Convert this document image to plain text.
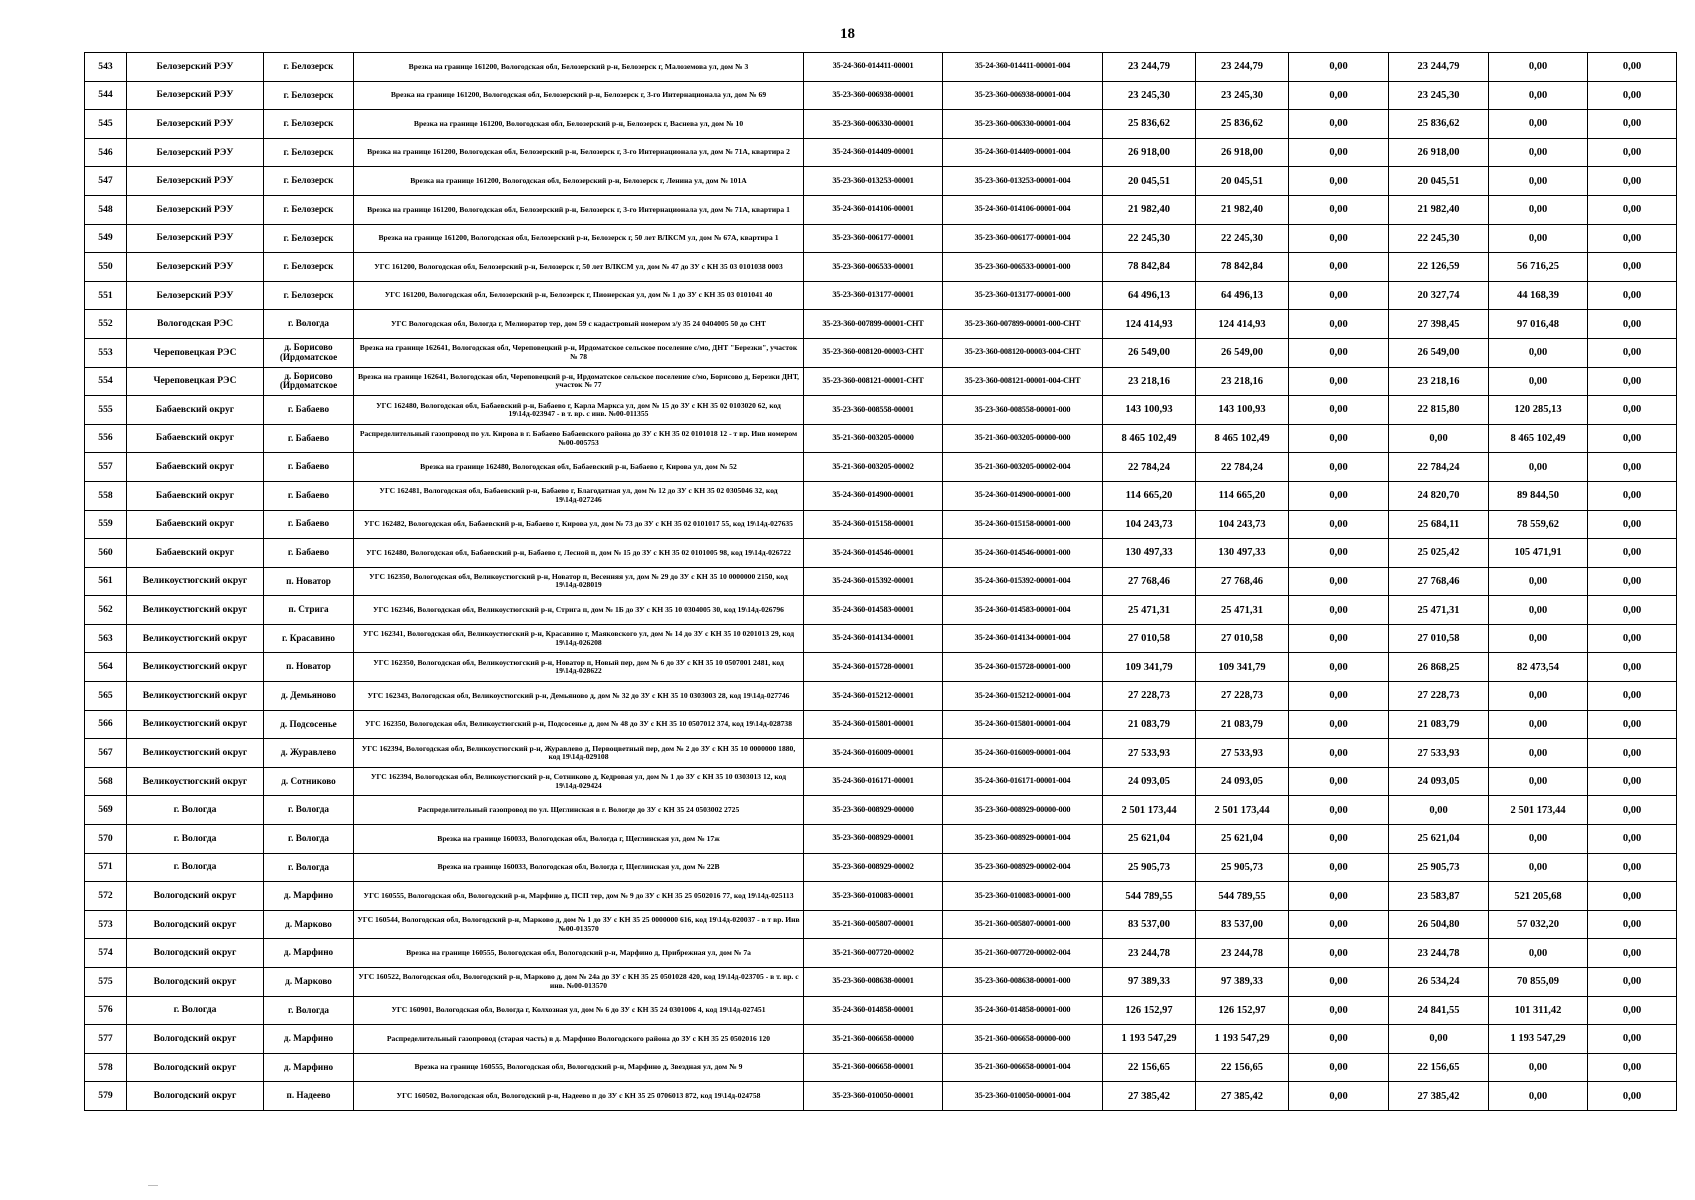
18
543	Белозерский РЭУ	г. Белозерск	Врезка на границе 161200, Вологодская обл, Белозерский р-н, Белозерск г, Малоземова ул, дом № 3	35-24-360-014411-00001	35-24-360-014411-00001-004	23 244,79	23 244,79	0,00	23 244,79	0,00	0,00
544	Белозерский РЭУ	г. Белозерск	Врезка на границе 161200, Вологодская обл, Белозерский р-н, Белозерск г, 3-го Интернационала ул, дом № 69	35-23-360-006938-00001	35-23-360-006938-00001-004	23 245,30	23 245,30	0,00	23 245,30	0,00	0,00
545	Белозерский РЭУ	г. Белозерск	Врезка на границе 161200, Вологодская обл, Белозерский р-н, Белозерск г, Васнева ул, дом № 10	35-23-360-006330-00001	35-23-360-006330-00001-004	25 836,62	25 836,62	0,00	25 836,62	0,00	0,00
546	Белозерский РЭУ	г. Белозерск	Врезка на границе 161200, Вологодская обл, Белозерский р-н, Белозерск г, 3-го Интернационала ул, дом № 71А, квартира 2	35-24-360-014409-00001	35-24-360-014409-00001-004	26 918,00	26 918,00	0,00	26 918,00	0,00	0,00
547	Белозерский РЭУ	г. Белозерск	Врезка на границе 161200, Вологодская обл, Белозерский р-н, Белозерск г, Ленина ул, дом № 101А	35-23-360-013253-00001	35-23-360-013253-00001-004	20 045,51	20 045,51	0,00	20 045,51	0,00	0,00
548	Белозерский РЭУ	г. Белозерск	Врезка на границе 161200, Вологодская обл, Белозерский р-н, Белозерск г, 3-го Интернационала ул, дом № 71А, квартира 1	35-24-360-014106-00001	35-24-360-014106-00001-004	21 982,40	21 982,40	0,00	21 982,40	0,00	0,00
549	Белозерский РЭУ	г. Белозерск	Врезка на границе 161200, Вологодская обл, Белозерский р-н, Белозерск г, 50 лет ВЛКСМ ул, дом № 67А, квартира 1	35-23-360-006177-00001	35-23-360-006177-00001-004	22 245,30	22 245,30	0,00	22 245,30	0,00	0,00
550	Белозерский РЭУ	г. Белозерск	УГС 161200, Вологодская обл, Белозерский р-н, Белозерск г, 50 лет ВЛКСМ ул, дом № 47 до ЗУ с КН 35 03 0101038 0003	35-23-360-006533-00001	35-23-360-006533-00001-000	78 842,84	78 842,84	0,00	22 126,59	56 716,25	0,00
551	Белозерский РЭУ	г. Белозерск	УГС 161200, Вологодская обл, Белозерский р-н, Белозерск г, Пионерская ул, дом № 1 до ЗУ с КН 35 03 0101041 40	35-23-360-013177-00001	35-23-360-013177-00001-000	64 496,13	64 496,13	0,00	20 327,74	44 168,39	0,00
552	Вологодская РЭС	г. Вологда	УГС Вологодская обл, Вологда г, Мелиоратор тер, дом 59 с кадастровый номером з/у 35 24 0404005 50 до СНТ	35-23-360-007899-00001-СНТ	35-23-360-007899-00001-000-СНТ	124 414,93	124 414,93	0,00	27 398,45	97 016,48	0,00
553	Череповецкая РЭС	д. Борисово (Ирдоматское	Врезка на границе 162641, Вологодская обл, Череповецкий р-н, Ирдоматское сельское поселение с/мо, ДНТ "Березки", участок № 78	35-23-360-008120-00003-СНТ	35-23-360-008120-00003-004-СНТ	26 549,00	26 549,00	0,00	26 549,00	0,00	0,00
554	Череповецкая РЭС	д. Борисово (Ирдоматское	Врезка на границе 162641, Вологодская обл, Череповецкий р-н, Ирдоматское сельское поселение с/мо, Борисово д, Березки ДНТ, участок № 77	35-23-360-008121-00001-СНТ	35-23-360-008121-00001-004-СНТ	23 218,16	23 218,16	0,00	23 218,16	0,00	0,00
555	Бабаевский округ	г. Бабаево	УГС 162480, Вологодская обл, Бабаевский р-н, Бабаево г, Карла Маркса ул, дом № 15 до ЗУ с КН 35 02 0103020 62, код 19\14д-023947 - в т. вр. с инв. №00-011355	35-23-360-008558-00001	35-23-360-008558-00001-000	143 100,93	143 100,93	0,00	22 815,80	120 285,13	0,00
556	Бабаевский округ	г. Бабаево	Распределительный газопровод по ул. Кирова в г. Бабаево Бабаевского района до ЗУ с КН 35 02 0101018 12 - т вр. Инв номером №00-005753	35-21-360-003205-00000	35-21-360-003205-00000-000	8 465 102,49	8 465 102,49	0,00	0,00	8 465 102,49	0,00
557	Бабаевский округ	г. Бабаево	Врезка на границе 162480, Вологодская обл, Бабаевский р-н, Бабаево г, Кирова ул, дом № 52	35-21-360-003205-00002	35-21-360-003205-00002-004	22 784,24	22 784,24	0,00	22 784,24	0,00	0,00
558	Бабаевский округ	г. Бабаево	УГС 162481, Вологодская обл, Бабаевский р-н, Бабаево г, Благодатная ул, дом № 12 до ЗУ с КН 35 02 0305046 32, код 19\14д-027246	35-24-360-014900-00001	35-24-360-014900-00001-000	114 665,20	114 665,20	0,00	24 820,70	89 844,50	0,00
559	Бабаевский округ	г. Бабаево	УГС 162482, Вологодская обл, Бабаевский р-н, Бабаево г, Кирова ул, дом № 73 до ЗУ с КН 35 02 0101017 55, код 19\14д-027635	35-24-360-015158-00001	35-24-360-015158-00001-000	104 243,73	104 243,73	0,00	25 684,11	78 559,62	0,00
560	Бабаевский округ	г. Бабаево	УГС 162480, Вологодская обл, Бабаевский р-н, Бабаево г, Лесной п, дом № 15 до ЗУ с КН 35 02 0101005 98, код 19\14д-026722	35-24-360-014546-00001	35-24-360-014546-00001-000	130 497,33	130 497,33	0,00	25 025,42	105 471,91	0,00
561	Великоустюгский округ	п. Новатор	УГС 162350, Вологодская обл, Великоустюгский р-н, Новатор п, Весенняя ул, дом № 29 до ЗУ с КН 35 10 0000000 2150, код 19\14д-028019	35-24-360-015392-00001	35-24-360-015392-00001-004	27 768,46	27 768,46	0,00	27 768,46	0,00	0,00
562	Великоустюгский округ	п. Стрига	УГС 162346, Вологодская обл, Великоустюгский р-н, Стрига п, дом № 1Б до ЗУ с КН 35 10 0304005 30, код 19\14д-026796	35-24-360-014583-00001	35-24-360-014583-00001-004	25 471,31	25 471,31	0,00	25 471,31	0,00	0,00
563	Великоустюгский округ	г. Красавино	УГС 162341, Вологодская обл, Великоустюгский р-н, Красавино г, Маяковского ул, дом № 14 до ЗУ с КН 35 10 0201013 29, код 19\14д-026208	35-24-360-014134-00001	35-24-360-014134-00001-004	27 010,58	27 010,58	0,00	27 010,58	0,00	0,00
564	Великоустюгский округ	п. Новатор	УГС 162350, Вологодская обл, Великоустюгский р-н, Новатор п, Новый пер, дом № 6 до ЗУ с КН 35 10 0507001 2481, код 19\14д-028622	35-24-360-015728-00001	35-24-360-015728-00001-000	109 341,79	109 341,79	0,00	26 868,25	82 473,54	0,00
565	Великоустюгский округ	д. Демьяново	УГС 162343, Вологодская обл, Великоустюгский р-н, Демьяново д, дом № 32 до ЗУ с КН 35 10 0303003 28, код 19\14д-027746	35-24-360-015212-00001	35-24-360-015212-00001-004	27 228,73	27 228,73	0,00	27 228,73	0,00	0,00
566	Великоустюгский округ	д. Подсосенье	УГС 162350, Вологодская обл, Великоустюгский р-н, Подсосенье д, дом № 48 до ЗУ с КН 35 10 0507012 374, код 19\14д-028738	35-24-360-015801-00001	35-24-360-015801-00001-004	21 083,79	21 083,79	0,00	21 083,79	0,00	0,00
567	Великоустюгский округ	д. Журавлево	УГС 162394, Вологодская обл, Великоустюгский р-н, Журавлево д, Первоцветный пер, дом № 2 до ЗУ с КН 35 10 0000000 1880, код 19\14д-029108	35-24-360-016009-00001	35-24-360-016009-00001-004	27 533,93	27 533,93	0,00	27 533,93	0,00	0,00
568	Великоустюгский округ	д. Сотниково	УГС 162394, Вологодская обл, Великоустюгский р-н, Сотниково д, Кедровая ул, дом № 1 до ЗУ с КН 35 10 0303013 12, код 19\14д-029424	35-24-360-016171-00001	35-24-360-016171-00001-004	24 093,05	24 093,05	0,00	24 093,05	0,00	0,00
569	г. Вологда	г. Вологда	Распределительный газопровод по ул. Щеглинская в г. Вологде до ЗУ с КН 35 24 0503002 2725	35-23-360-008929-00000	35-23-360-008929-00000-000	2 501 173,44	2 501 173,44	0,00	0,00	2 501 173,44	0,00
570	г. Вологда	г. Вологда	Врезка на границе 160033, Вологодская обл, Вологда г, Щеглинская ул, дом № 17ж	35-23-360-008929-00001	35-23-360-008929-00001-004	25 621,04	25 621,04	0,00	25 621,04	0,00	0,00
571	г. Вологда	г. Вологда	Врезка на границе 160033, Вологодская обл, Вологда г, Щеглинская ул, дом № 22В	35-23-360-008929-00002	35-23-360-008929-00002-004	25 905,73	25 905,73	0,00	25 905,73	0,00	0,00
572	Вологодский округ	д. Марфино	УГС 160555, Вологодская обл, Вологодский р-н, Марфино д, ПСП тер, дом № 9 до ЗУ с КН 35 25 0502016 77, код 19\14д-025113	35-23-360-010083-00001	35-23-360-010083-00001-000	544 789,55	544 789,55	0,00	23 583,87	521 205,68	0,00
573	Вологодский округ	д. Марково	УГС 160544, Вологодская обл, Вологодский р-н, Марково д, дом № 1 до ЗУ с КН 35 25 0000000 616, код 19\14д-020037 - в т вр. Инв №00-013570	35-21-360-005807-00001	35-21-360-005807-00001-000	83 537,00	83 537,00	0,00	26 504,80	57 032,20	0,00
574	Вологодский округ	д. Марфино	Врезка на границе 160555, Вологодская обл, Вологодский р-н, Марфино д, Прибрежная ул, дом № 7а	35-21-360-007720-00002	35-21-360-007720-00002-004	23 244,78	23 244,78	0,00	23 244,78	0,00	0,00
575	Вологодский округ	д. Марково	УГС 160522, Вологодская обл, Вологодский р-н, Марково д, дом № 24а до ЗУ с КН 35 25 0501028 420, код 19\14д-023705 - в т. вр. с инв. №00-013570	35-23-360-008638-00001	35-23-360-008638-00001-000	97 389,33	97 389,33	0,00	26 534,24	70 855,09	0,00
576	г. Вологда	г. Вологда	УГС 160901, Вологодская обл, Вологда г, Колхозная ул, дом № 6 до ЗУ с КН 35 24 0301006 4, код 19\14д-027451	35-24-360-014858-00001	35-24-360-014858-00001-000	126 152,97	126 152,97	0,00	24 841,55	101 311,42	0,00
577	Вологодский округ	д. Марфино	Распределительный газопровод (старая часть) в д. Марфино Вологодского района до ЗУ с КН 35 25 0502016 120	35-21-360-006658-00000	35-21-360-006658-00000-000	1 193 547,29	1 193 547,29	0,00	0,00	1 193 547,29	0,00
578	Вологодский округ	д. Марфино	Врезка на границе 160555, Вологодская обл, Вологодский р-н, Марфино д, Звездная ул, дом № 9	35-21-360-006658-00001	35-21-360-006658-00001-004	22 156,65	22 156,65	0,00	22 156,65	0,00	0,00
579	Вологодский округ	п. Надеево	УГС 160502, Вологодская обл, Вологодский р-н, Надеево п до ЗУ с КН 35 25 0706013 872, код 19\14д-024758	35-23-360-010050-00001	35-23-360-010050-00001-004	27 385,42	27 385,42	0,00	27 385,42	0,00	0,00
